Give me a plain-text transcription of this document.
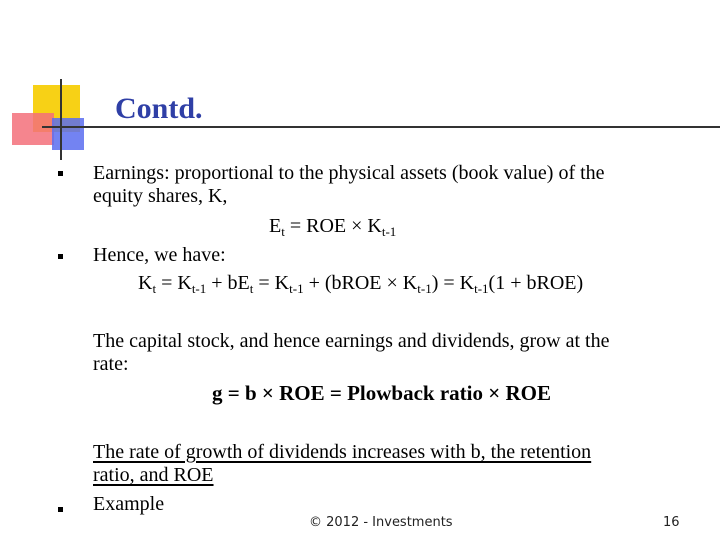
Contd.
Earnings: proportional to the physical assets (book value) of the
equity shares, K,
$E_t$ = ROE × $K_{t-1}$
Hence, we have:
$K_t = K_{t-1} + bE_t = K_{t-1}$ + (bROE × $K_{t-1}) = K_{t-1}(1$ + bROE)
The capital stock, and hence earnings and dividends, grow at the
rate:
g = b × ROE = Plowback ratio × ROE
The rate of growth of dividends increases with b, the retention
ratio, and ROE
Example
© 2012 - Investments	16
